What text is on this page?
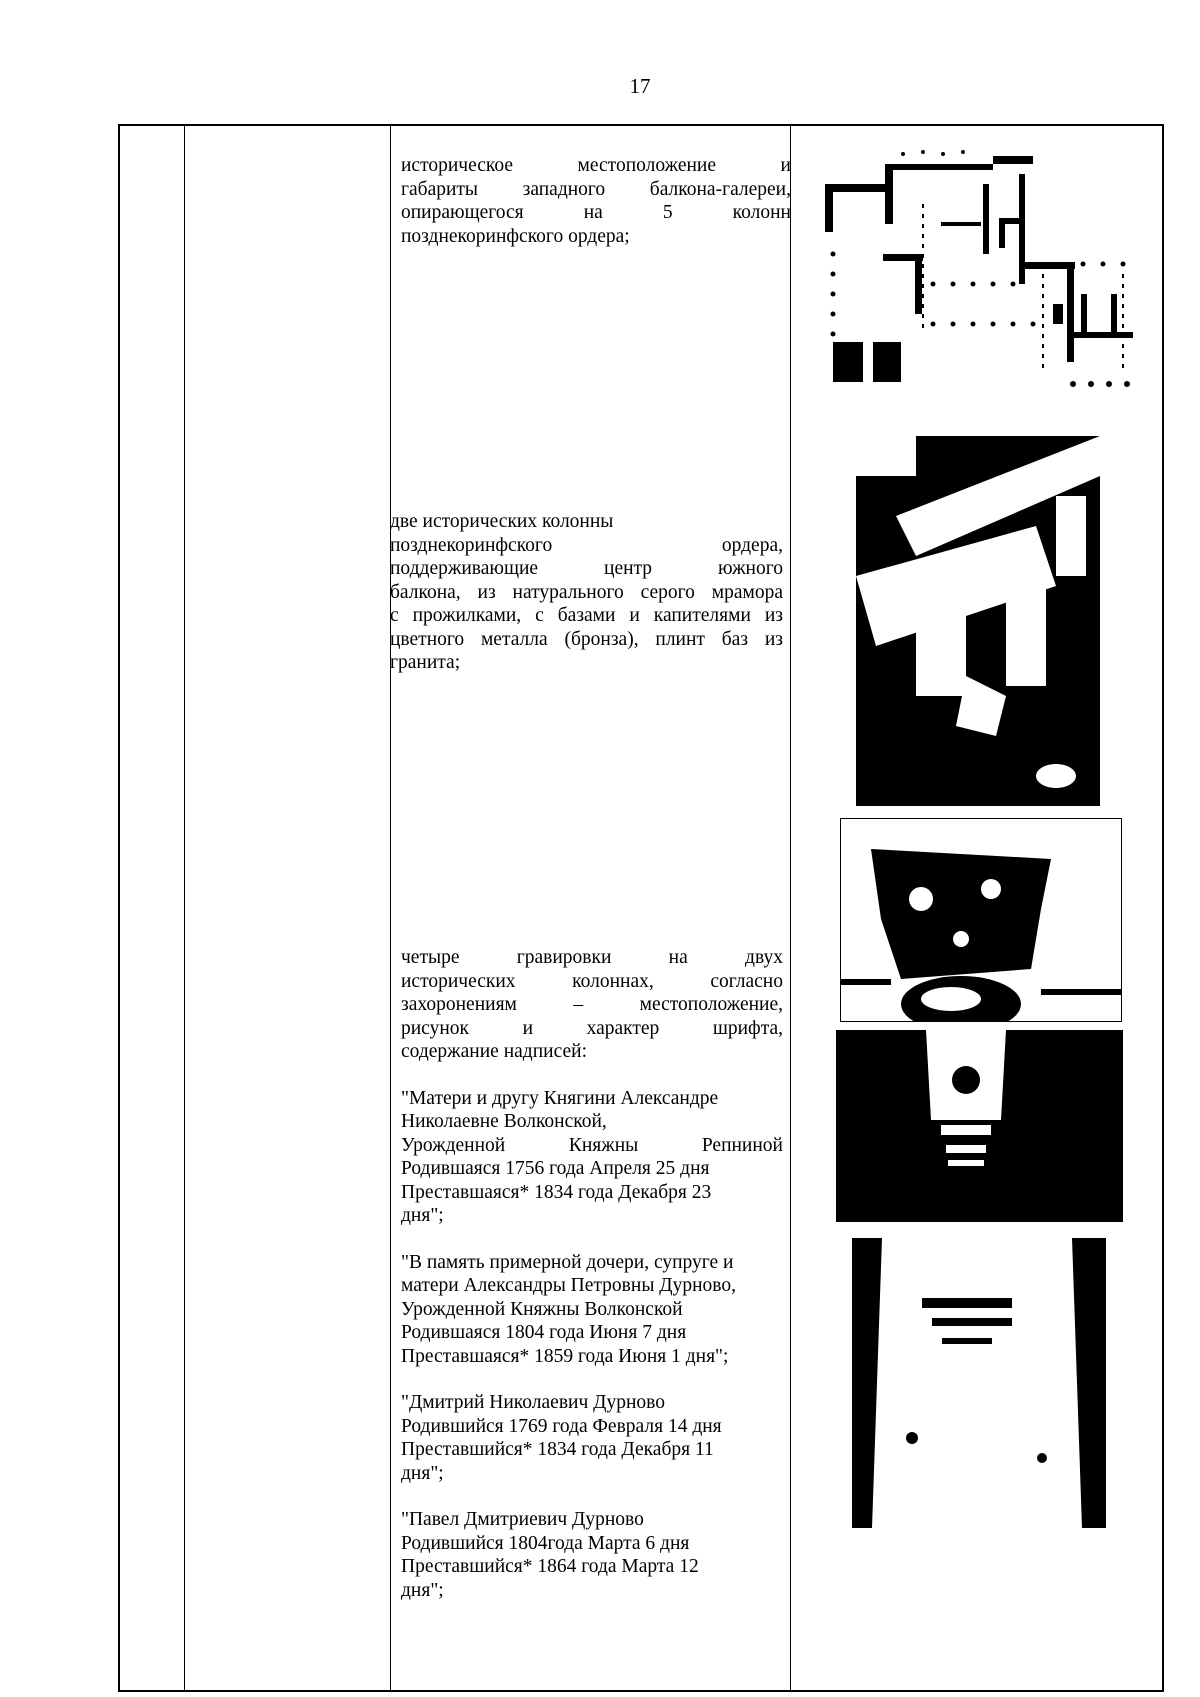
17

историческое местоположение и

габариты западного балкона-галереи,

опирающегося на 5 колонн

позднекоринфского ордера;

две исторических колонны

позднекоринфского ордера,

поддерживающие центр южного

балкона, из натурального серого мрамора

с прожилками, с базами и капителями из

цветного металла (бронза), плинт баз из

гранита;

четыре гравировки на двух

исторических колоннах, согласно

захоронениям – местоположение,

рисунок и характер шрифта,

содержание надписей:

"Матери и другу Княгини Александре

Николаевне Волконской,

Урожденной Княжны Репниной

Родившаяся 1756 года Апреля 25 дня

Преставшаяся* 1834 года Декабря 23

дня";

"В память примерной дочери, супруге и

матери Александры Петровны Дурново,

Урожденной Княжны Волконской

Родившаяся 1804 года Июня 7 дня

Преставшаяся* 1859 года Июня 1 дня";

"Дмитрий Николаевич Дурново

Родившийся 1769 года Февраля 14 дня

Преставшийся* 1834 года Декабря 11

дня";

"Павел Дмитриевич Дурново

Родившийся 1804года Марта 6 дня

Преставшийся* 1864 года Марта 12

дня";
